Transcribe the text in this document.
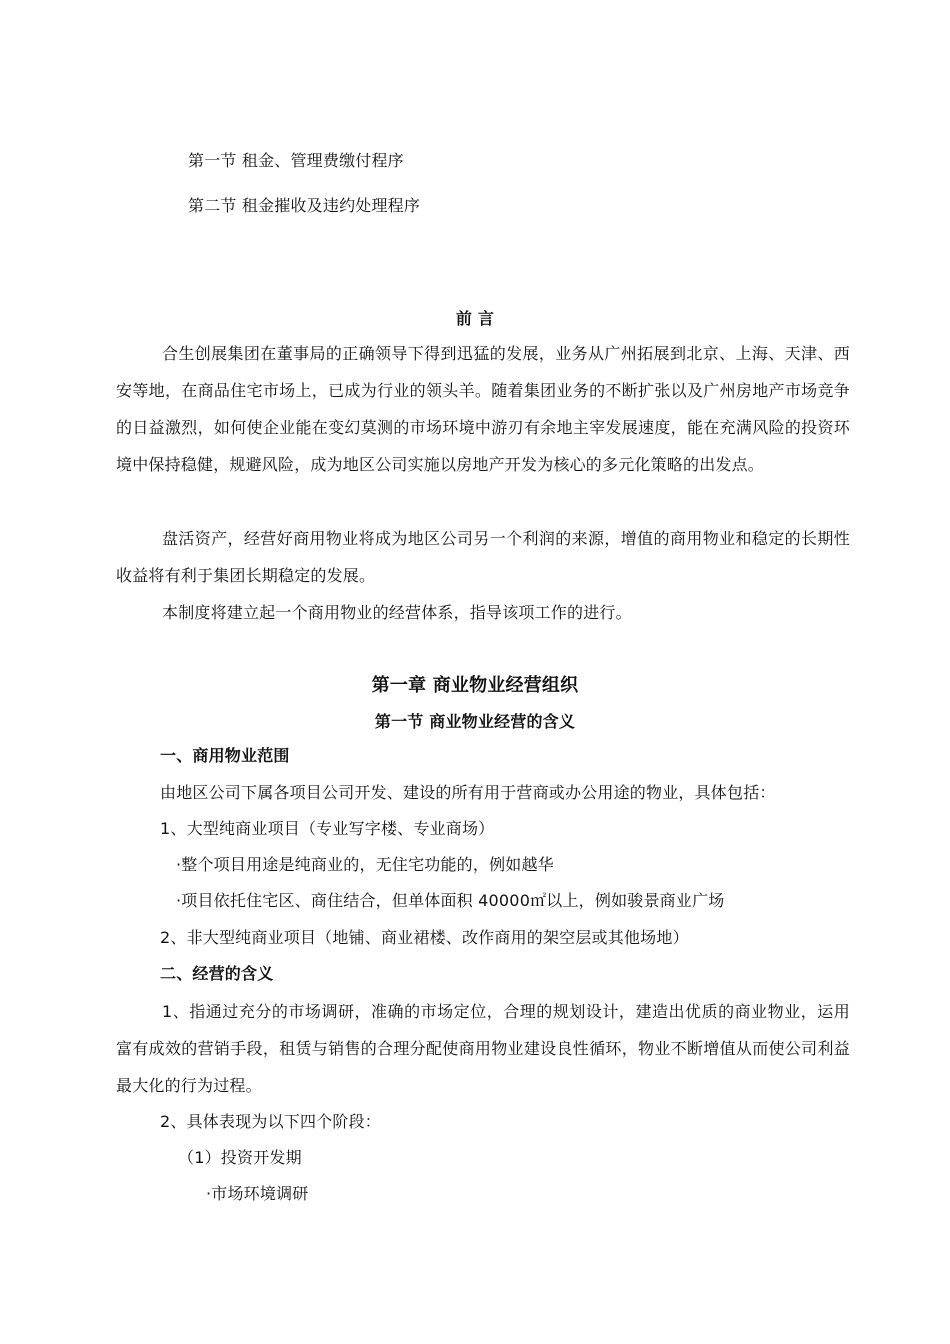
第一节 租金、管理费缴付程序
第二节 租金摧收及违约处理程序
前 言
合生创展集团在董事局的正确领导下得到迅猛的发展，业务从广州拓展到北京、上海、天津、西安等地，在商品住宅市场上，已成为行业的领头羊。随着集团业务的不断扩张以及广州房地产市场竞争的日益激烈，如何使企业能在变幻莫测的市场环境中游刃有余地主宰发展速度，能在充满风险的投资环境中保持稳健，规避风险，成为地区公司实施以房地产开发为核心的多元化策略的出发点。
盘活资产，经营好商用物业将成为地区公司另一个利润的来源，增值的商用物业和稳定的长期性收益将有利于集团长期稳定的发展。
本制度将建立起一个商用物业的经营体系，指导该项工作的进行。
第一章 商业物业经营组织
第一节 商业物业经营的含义
一、商用物业范围
由地区公司下属各项目公司开发、建设的所有用于营商或办公用途的物业，具体包括：
1、大型纯商业项目（专业写字楼、专业商场）
·整个项目用途是纯商业的，无住宅功能的，例如越华
·项目依托住宅区、商住结合，但单体面积 40000㎡以上，例如骏景商业广场
2、非大型纯商业项目（地铺、商业裙楼、改作商用的架空层或其他场地）
二、经营的含义
1、指通过充分的市场调研，准确的市场定位，合理的规划设计，建造出优质的商业物业，运用富有成效的营销手段，租赁与销售的合理分配使商用物业建设良性循环，物业不断增值从而使公司利益最大化的行为过程。
2、具体表现为以下四个阶段：
（1）投资开发期
·市场环境调研
